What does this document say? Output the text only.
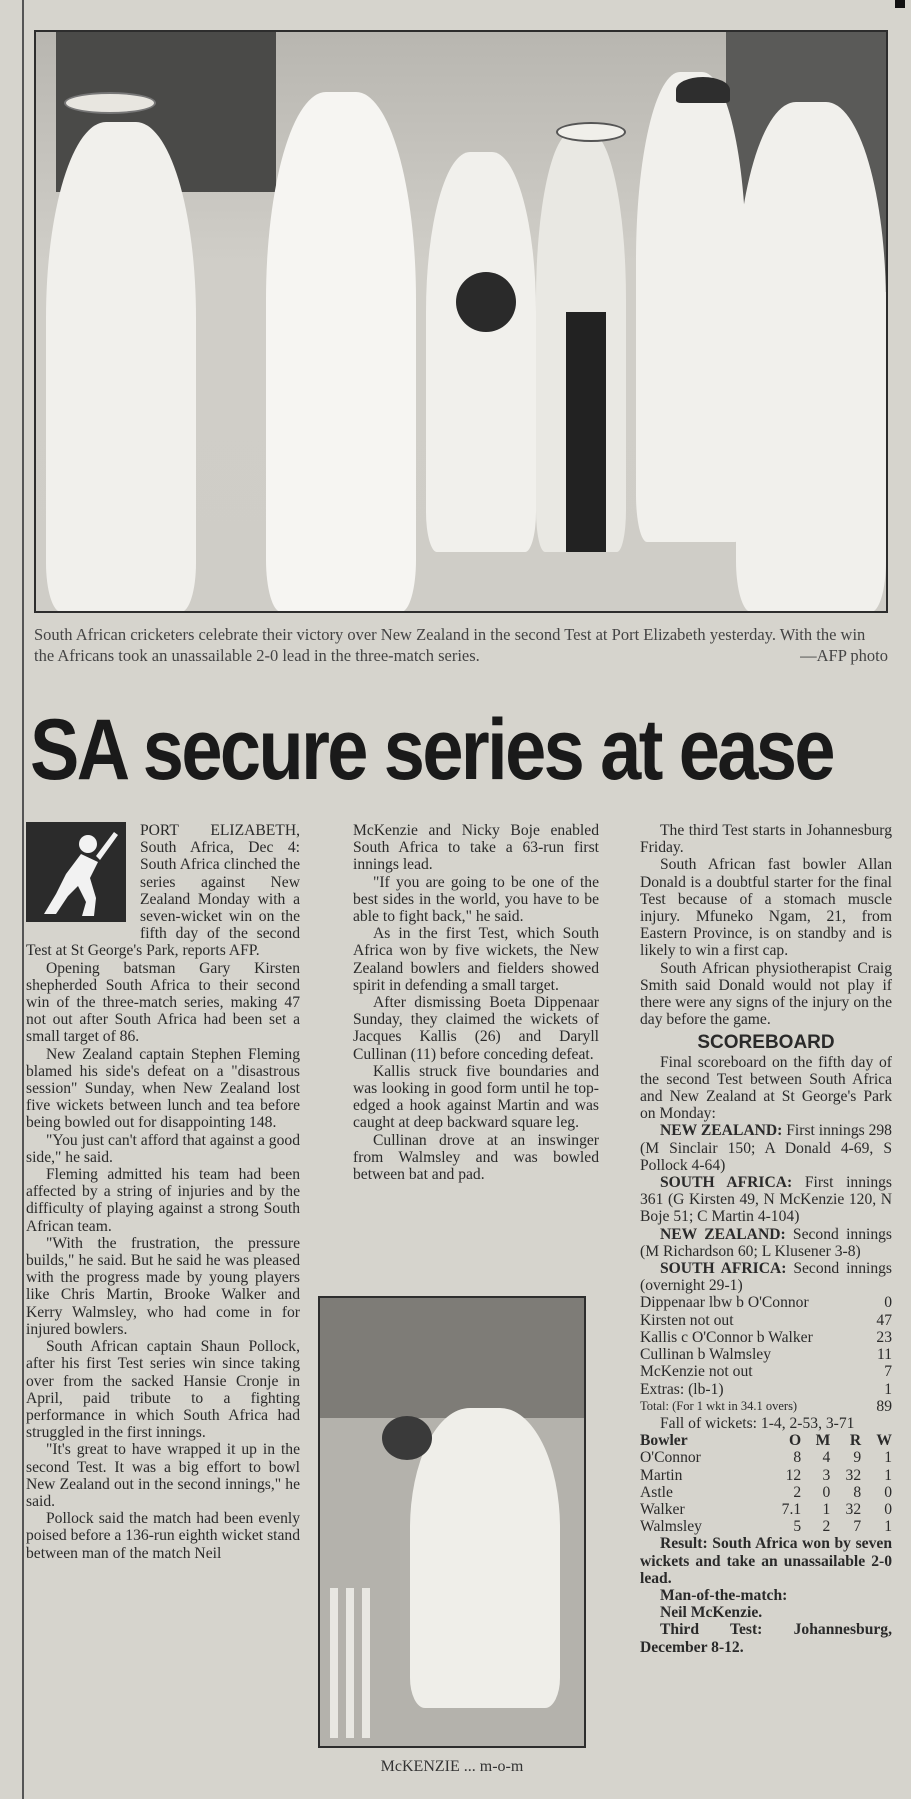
South African cricketers celebrate their victory over New Zealand in the second Test at Port Elizabeth yesterday. With the win the Africans took an unassailable 2-0 lead in the three-match series.	—AFP photo
SA secure series at ease

PORT ELIZABETH, South Africa, Dec 4: South Africa clinched the series against New Zealand Monday with a seven-wicket win on the fifth day of the second Test at St George's Park, reports AFP.

Opening batsman Gary Kirsten shepherded South Africa to their second win of the three-match series, making 47 not out after South Africa had been set a small target of 86.

New Zealand captain Stephen Fleming blamed his side's defeat on a "disastrous session" Sunday, when New Zealand lost five wickets between lunch and tea before being bowled out for disappointing 148.

"You just can't afford that against a good side," he said.

Fleming admitted his team had been affected by a string of injuries and by the difficulty of playing against a strong South African team.

"With the frustration, the pressure builds," he said. But he said he was pleased with the progress made by young players like Chris Martin, Brooke Walker and Kerry Walmsley, who had come in for injured bowlers.

South African captain Shaun Pollock, after his first Test series win since taking over from the sacked Hansie Cronje in April, paid tribute to a fighting performance in which South Africa had struggled in the first innings.

"It's great to have wrapped it up in the second Test. It was a big effort to bowl New Zealand out in the second innings," he said.

Pollock said the match had been evenly poised before a 136-run eighth wicket stand between man of the match Neil

McKenzie and Nicky Boje enabled South Africa to take a 63-run first innings lead.

"If you are going to be one of the best sides in the world, you have to be able to fight back," he said.

As in the first Test, which South Africa won by five wickets, the New Zealand bowlers and fielders showed spirit in defending a small target.

After dismissing Boeta Dippenaar Sunday, they claimed the wickets of Jacques Kallis (26) and Daryll Cullinan (11) before conceding defeat.

Kallis struck five boundaries and was looking in good form until he top-edged a hook against Martin and was caught at deep backward square leg.

Cullinan drove at an inswinger from Walmsley and was bowled between bat and pad.

McKENZIE ... m-o-m

The third Test starts in Johannesburg Friday.

South African fast bowler Allan Donald is a doubtful starter for the final Test because of a stomach muscle injury. Mfuneko Ngam, 21, from Eastern Province, is on standby and is likely to win a first cap.

South African physiotherapist Craig Smith said Donald would not play if there were any signs of the injury on the day before the game.

SCOREBOARD

Final scoreboard on the fifth day of the second Test between South Africa and New Zealand at St George's Park on Monday:

NEW ZEALAND: First innings 298 (M Sinclair 150; A Donald 4-69, S Pollock 4-64)

SOUTH AFRICA: First innings 361 (G Kirsten 49, N McKenzie 120, N Boje 51; C Martin 4-104)

NEW ZEALAND: Second innings (M Richardson 60; L Klusener 3-8)

SOUTH AFRICA: Second innings (overnight 29-1)

Dippenaar lbw b O'Connor	0
Kirsten not out	47
Kallis c O'Connor b Walker	23
Cullinan b Walmsley	11
McKenzie not out	7
Extras: (lb-1)	1
Total: (For 1 wkt in 34.1 overs)	89

Fall of wickets: 1-4, 2-53, 3-71

Bowler	O	M	R	W
O'Connor	8	4	9	1
Martin	12	3	32	1
Astle	2	0	8	0
Walker	7.1	1	32	0
Walmsley	5	2	7	1

Result: South Africa won by seven wickets and take an unassailable 2-0 lead.

Man-of-the-match:
Neil McKenzie.

Third Test: Johannesburg, December 8-12.
